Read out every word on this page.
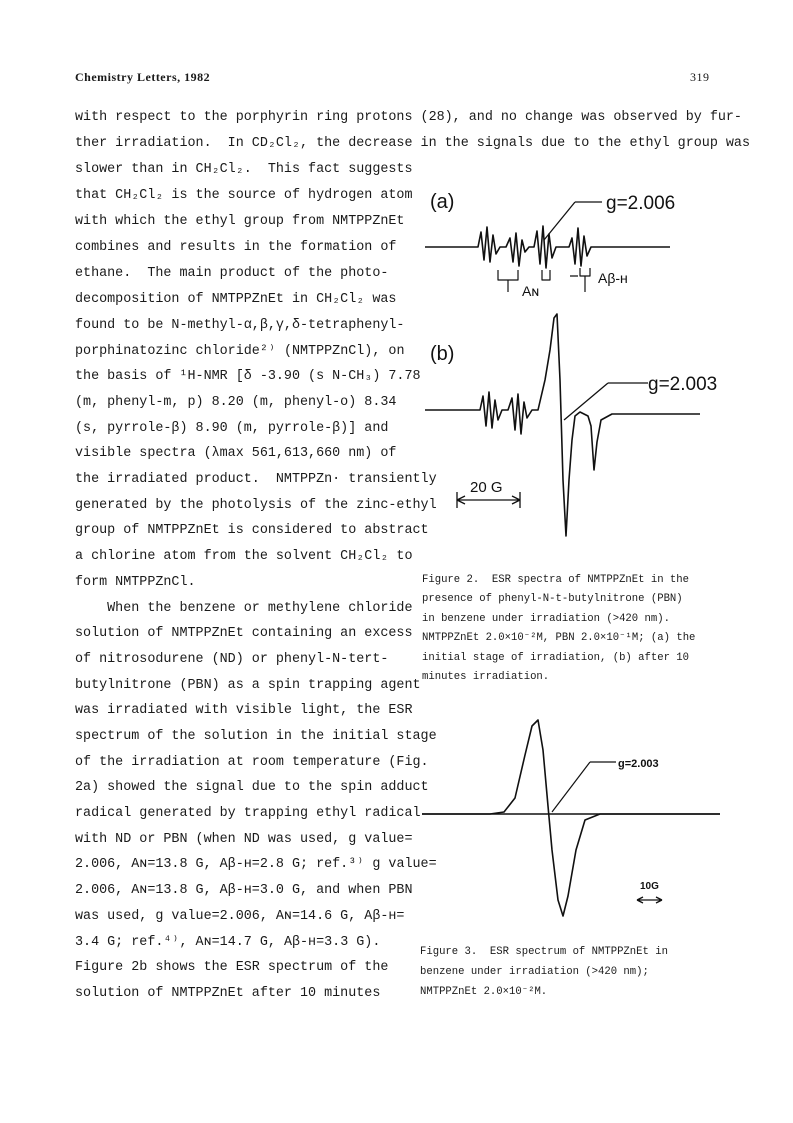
Chemistry Letters, 1982	319
with respect to the porphyrin ring protons (28), and no change was observed by fur-
ther irradiation.  In CD₂Cl₂, the decrease in the signals due to the ethyl group was
slower than in CH₂Cl₂.  This fact suggests
that CH₂Cl₂ is the source of hydrogen atom
with which the ethyl group from NMTPPZnEt
combines and results in the formation of
ethane.  The main product of the photo-
decomposition of NMTPPZnEt in CH₂Cl₂ was
found to be N-methyl-α,β,γ,δ-tetraphenyl-
porphinatozinc chloride²⁾ (NMTPPZnCl), on
the basis of ¹H-NMR [δ -3.90 (s N-CH₃) 7.78
(m, phenyl-m, p) 8.20 (m, phenyl-o) 8.34
(s, pyrrole-β) 8.90 (m, pyrrole-β)] and
visible spectra (λmax 561,613,660 nm) of
the irradiated product.  NMTPPZn· transiently
generated by the photolysis of the zinc-ethyl
group of NMTPPZnEt is considered to abstract
a chlorine atom from the solvent CH₂Cl₂ to
form NMTPPZnCl.
When the benzene or methylene chloride
solution of NMTPPZnEt containing an excess
of nitrosodurene (ND) or phenyl-N-tert-
butylnitrone (PBN) as a spin trapping agent
was irradiated with visible light, the ESR
spectrum of the solution in the initial stage
of the irradiation at room temperature (Fig.
2a) showed the signal due to the spin adduct
radical generated by trapping ethyl radical
with ND or PBN (when ND was used, g value=
2.006, Aɴ=13.8 G, Aβ-ʜ=2.8 G; ref.³⁾ g value=
2.006, Aɴ=13.8 G, Aβ-ʜ=3.0 G, and when PBN
was used, g value=2.006, Aɴ=14.6 G, Aβ-ʜ=
3.4 G; ref.⁴⁾, Aɴ=14.7 G, Aβ-ʜ=3.3 G).
Figure 2b shows the ESR spectrum of the
solution of NMTPPZnEt after 10 minutes
(a)	g=2.006
Aɴ
Aβ-ʜ
(b)
g=2.003
20 G
Figure 2.  ESR spectra of NMTPPZnEt in the
presence of phenyl-N-t-butylnitrone (PBN)
in benzene under irradiation (>420 nm).
NMTPPZnEt 2.0×10⁻²M, PBN 2.0×10⁻¹M; (a) the
initial stage of irradiation, (b) after 10
minutes irradiation.
g=2.003
10G
Figure 3.  ESR spectrum of NMTPPZnEt in
benzene under irradiation (>420 nm);
NMTPPZnEt 2.0×10⁻²M.
